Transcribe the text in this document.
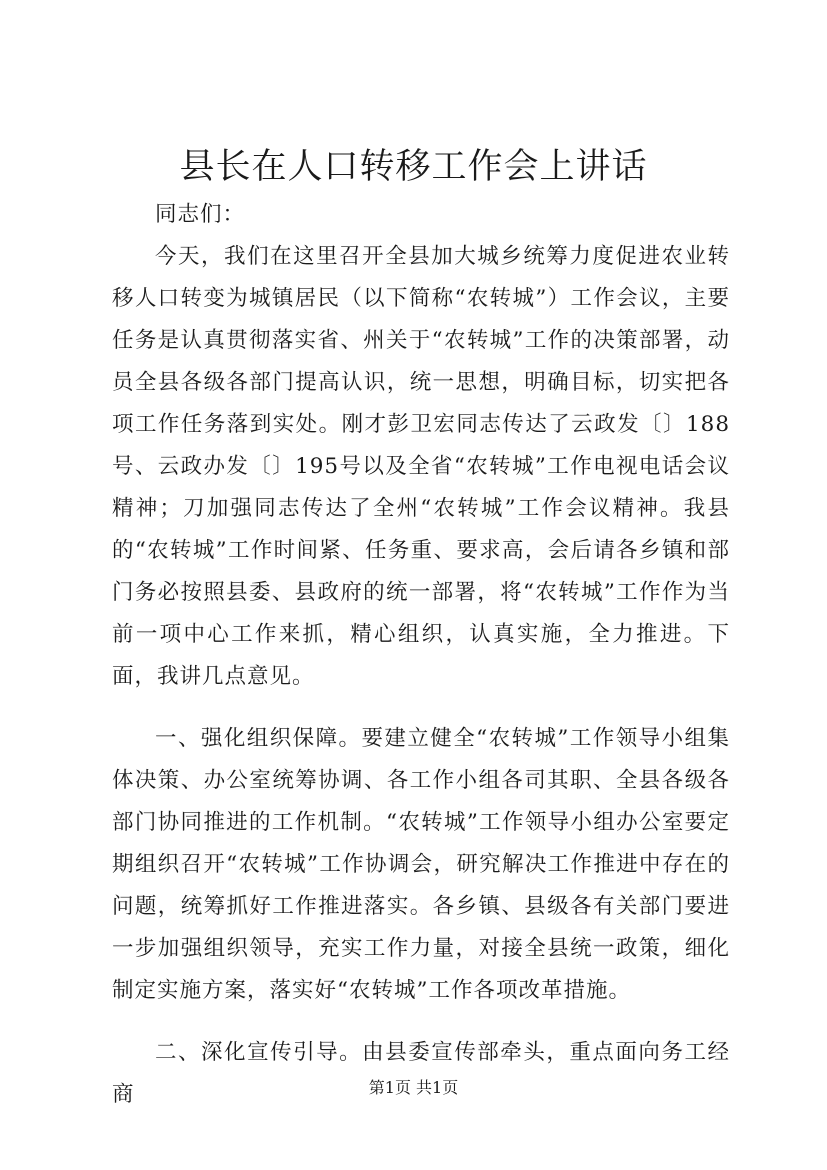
县长在人口转移工作会上讲话

同志们：

今天，我们在这里召开全县加大城乡统筹力度促进农业转移人口转变为城镇居民（以下简称“农转城”）工作会议，主要任务是认真贯彻落实省、州关于“农转城”工作的决策部署，动员全县各级各部门提高认识，统一思想，明确目标，切实把各项工作任务落到实处。刚才彭卫宏同志传达了云政发〔〕188号、云政办发〔〕195号以及全省“农转城”工作电视电话会议精神；刀加强同志传达了全州“农转城”工作会议精神。我县的“农转城”工作时间紧、任务重、要求高，会后请各乡镇和部门务必按照县委、县政府的统一部署，将“农转城”工作作为当前一项中心工作来抓，精心组织，认真实施，全力推进。下面，我讲几点意见。

一、强化组织保障。要建立健全“农转城”工作领导小组集体决策、办公室统筹协调、各工作小组各司其职、全县各级各部门协同推进的工作机制。“农转城”工作领导小组办公室要定期组织召开“农转城”工作协调会，研究解决工作推进中存在的问题，统筹抓好工作推进落实。各乡镇、县级各有关部门要进一步加强组织领导，充实工作力量，对接全县统一政策，细化制定实施方案，落实好“农转城”工作各项改革措施。

二、深化宣传引导。由县委宣传部牵头，重点面向务工经商	第1页 共1页
